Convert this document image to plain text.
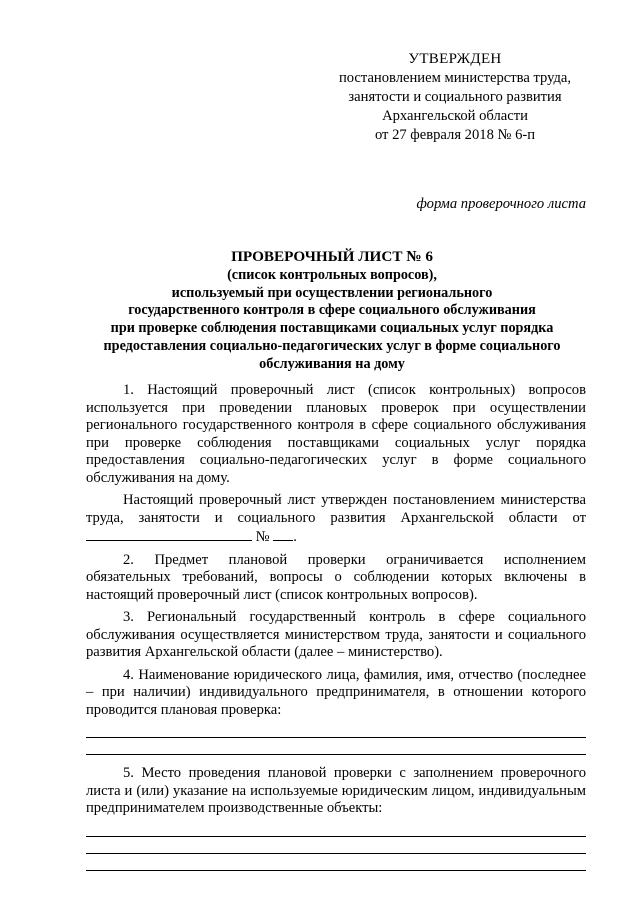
УТВЕРЖДЕН
постановлением министерства труда,
занятости и социального развития
Архангельской области
от 27 февраля 2018 № 6-п
форма проверочного листа
ПРОВЕРОЧНЫЙ ЛИСТ № 6
(список контрольных вопросов),
используемый при осуществлении регионального
государственного контроля в сфере социального обслуживания
при проверке соблюдения поставщиками социальных услуг порядка
предоставления социально-педагогических услуг в форме социального
обслуживания на дому

1. Настоящий проверочный лист (список контрольных) вопросов используется при проведении плановых проверок при осуществлении регионального государственного контроля в сфере социального обслуживания при проверке соблюдения поставщиками социальных услуг порядка предоставления социально-педагогических услуг в форме социального обслуживания на дому.

Настоящий проверочный лист утвержден постановлением министерства труда, занятости и социального развития Архангельской области от  № .

2. Предмет плановой проверки ограничивается исполнением обязательных требований, вопросы о соблюдении которых включены в настоящий проверочный лист (список контрольных вопросов).

3. Региональный государственный контроль в сфере социального обслуживания осуществляется министерством труда, занятости и социального развития Архангельской области (далее – министерство).

4. Наименование юридического лица, фамилия, имя, отчество (последнее – при наличии) индивидуального предпринимателя, в отношении которого проводится плановая проверка:

5. Место проведения плановой проверки с заполнением проверочного листа и (или) указание на используемые юридическим лицом, индивидуальным предпринимателем производственные объекты:
